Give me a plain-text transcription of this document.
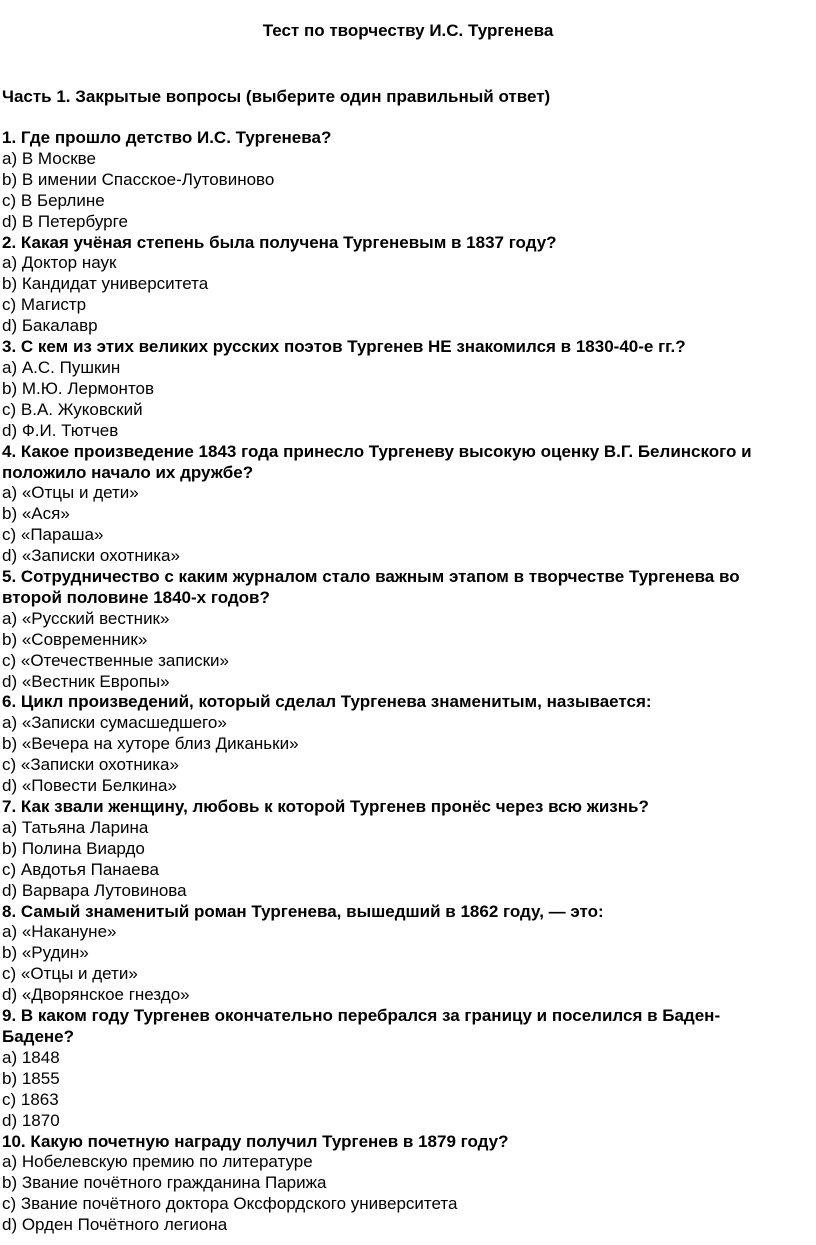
Тест по творчеству И.С. Тургенева
Часть 1. Закрытые вопросы (выберите один правильный ответ)
1. Где прошло детство И.С. Тургенева?
a) В Москве
b) В имении Спасское-Лутовиново
c) В Берлине
d) В Петербурге
2. Какая учёная степень была получена Тургеневым в 1837 году?
a) Доктор наук
b) Кандидат университета
c) Магистр
d) Бакалавр
3. С кем из этих великих русских поэтов Тургенев НЕ знакомился в 1830-40-е гг.?
a) А.С. Пушкин
b) М.Ю. Лермонтов
c) В.А. Жуковский
d) Ф.И. Тютчев
4. Какое произведение 1843 года принесло Тургеневу высокую оценку В.Г. Белинского и
положило начало их дружбе?
a) «Отцы и дети»
b) «Ася»
c) «Параша»
d) «Записки охотника»
5. Сотрудничество с каким журналом стало важным этапом в творчестве Тургенева во
второй половине 1840-х годов?
a) «Русский вестник»
b) «Современник»
c) «Отечественные записки»
d) «Вестник Европы»
6. Цикл произведений, который сделал Тургенева знаменитым, называется:
a) «Записки сумасшедшего»
b) «Вечера на хуторе близ Диканьки»
c) «Записки охотника»
d) «Повести Белкина»
7. Как звали женщину, любовь к которой Тургенев пронёс через всю жизнь?
a) Татьяна Ларина
b) Полина Виардо
c) Авдотья Панаева
d) Варвара Лутовинова
8. Самый знаменитый роман Тургенева, вышедший в 1862 году, — это:
a) «Накануне»
b) «Рудин»
c) «Отцы и дети»
d) «Дворянское гнездо»
9. В каком году Тургенев окончательно перебрался за границу и поселился в Баден-
Бадене?
a) 1848
b) 1855
c) 1863
d) 1870
10. Какую почетную награду получил Тургенев в 1879 году?
a) Нобелевскую премию по литературе
b) Звание почётного гражданина Парижа
c) Звание почётного доктора Оксфордского университета
d) Орден Почётного легиона
